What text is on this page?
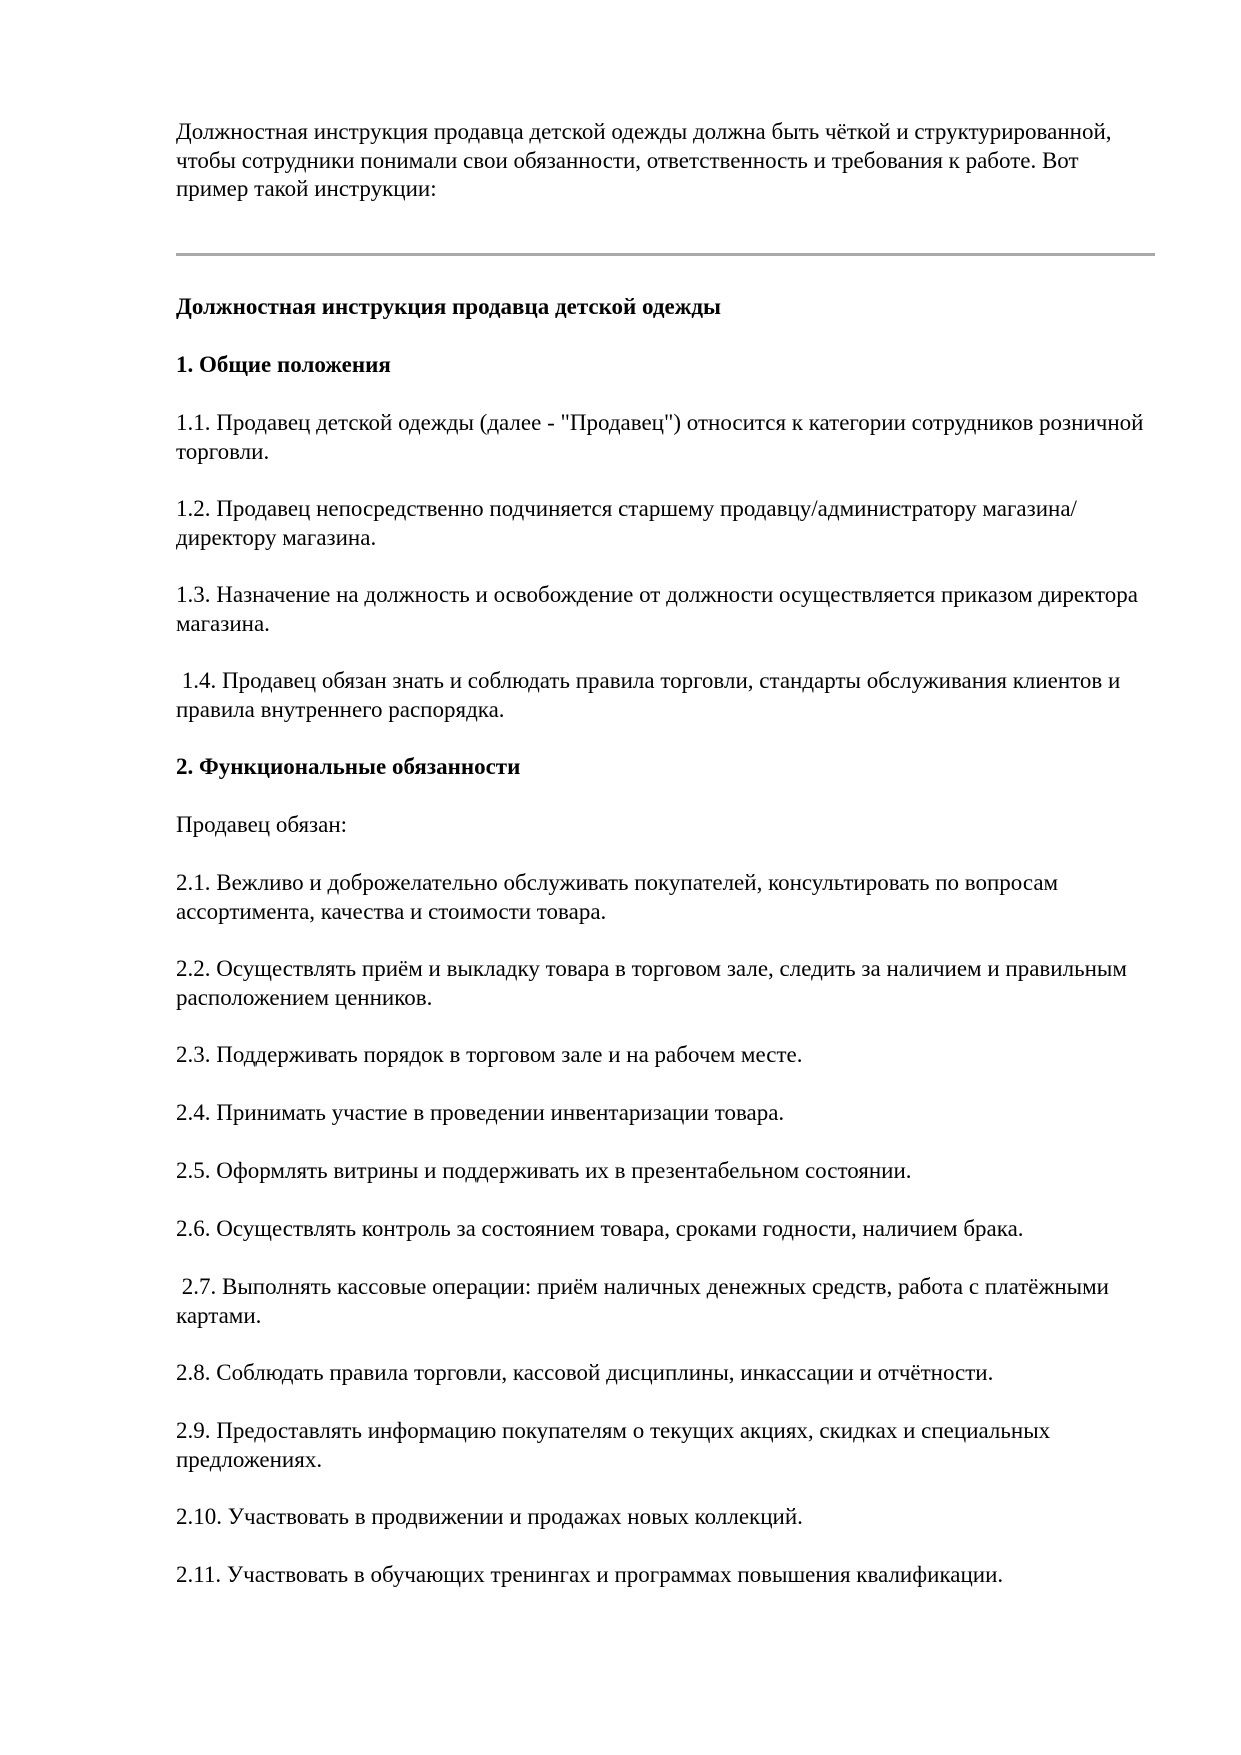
Должностная инструкция продавца детской одежды должна быть чёткой и структурированной, чтобы сотрудники понимали свои обязанности, ответственность и требования к работе. Вот пример такой инструкции:
Должностная инструкция продавца детской одежды
1. Общие положения
1.1. Продавец детской одежды (далее - "Продавец") относится к категории сотрудников розничной торговли.
1.2. Продавец непосредственно подчиняется старшему продавцу/администратору магазина/директору магазина.
1.3. Назначение на должность и освобождение от должности осуществляется приказом директора магазина.
1.4. Продавец обязан знать и соблюдать правила торговли, стандарты обслуживания клиентов и правила внутреннего распорядка.
2. Функциональные обязанности
Продавец обязан:
2.1. Вежливо и доброжелательно обслуживать покупателей, консультировать по вопросам ассортимента, качества и стоимости товара.
2.2. Осуществлять приём и выкладку товара в торговом зале, следить за наличием и правильным расположением ценников.
2.3. Поддерживать порядок в торговом зале и на рабочем месте.
2.4. Принимать участие в проведении инвентаризации товара.
2.5. Оформлять витрины и поддерживать их в презентабельном состоянии.
2.6. Осуществлять контроль за состоянием товара, сроками годности, наличием брака.
2.7. Выполнять кассовые операции: приём наличных денежных средств, работа с платёжными картами.
2.8. Соблюдать правила торговли, кассовой дисциплины, инкассации и отчётности.
2.9. Предоставлять информацию покупателям о текущих акциях, скидках и специальных предложениях.
2.10. Участвовать в продвижении и продажах новых коллекций.
2.11. Участвовать в обучающих тренингах и программах повышения квалификации.
